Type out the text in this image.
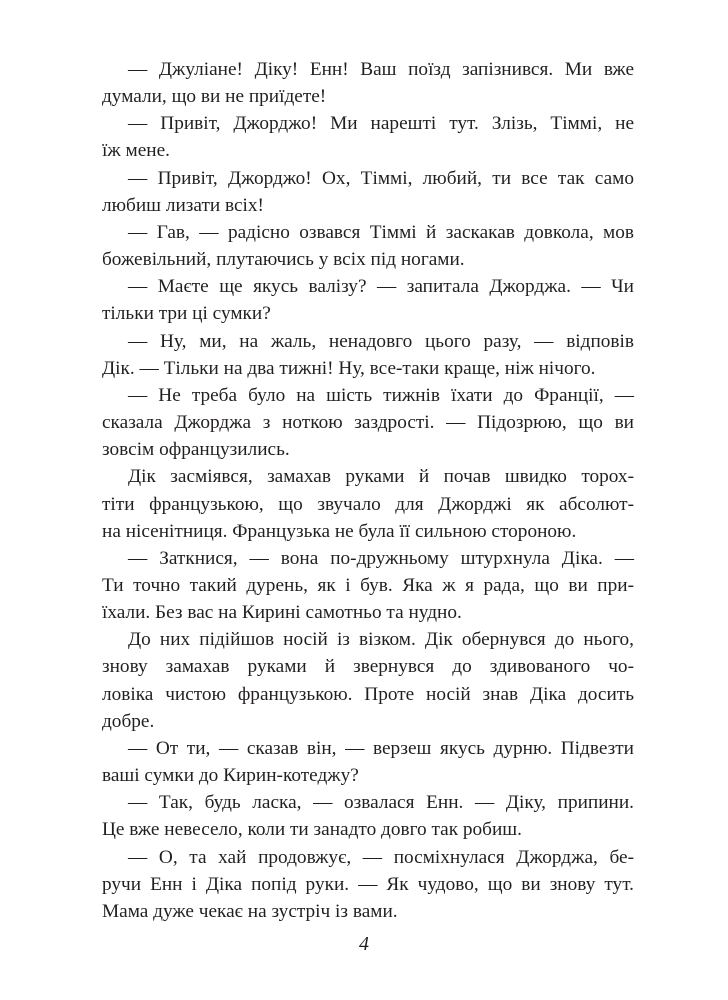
— Джуліане! Діку! Енн! Ваш поїзд запізнився. Ми вже
думали, що ви не приїдете!
— Привіт, Джорджо! Ми нарешті тут. Злізь, Тіммі, не
їж мене.
— Привіт, Джорджо! Ох, Тіммі, любий, ти все так само
любиш лизати всіх!
— Гав, — радісно озвався Тіммі й заскакав довкола, мов
божевільний, плутаючись у всіх під ногами.
— Маєте ще якусь валізу? — запитала Джорджа. — Чи
тільки три ці сумки?
— Ну, ми, на жаль, ненадовго цього разу, — відповів
Дік. — Тільки на два тижні! Ну, все-таки краще, ніж нічого.
— Не треба було на шість тижнів їхати до Франції, —
сказала Джорджа з ноткою заздрості. — Підозрюю, що ви
зовсім офранцузились.
Дік засміявся, замахав руками й почав швидко торох-
тіти французькою, що звучало для Джорджі як абсолют-
на нісенітниця. Французька не була її сильною стороною.
— Заткнися, — вона по-дружньому штурхнула Діка. —
Ти точно такий дурень, як і був. Яка ж я рада, що ви при-
їхали. Без вас на Кирині самотньо та нудно.
До них підійшов носій із візком. Дік обернувся до нього,
знову замахав руками й звернувся до здивованого чо-
ловіка чистою французькою. Проте носій знав Діка досить
добре.
— От ти, — сказав він, — верзеш якусь дурню. Підвезти
ваші сумки до Кирин-котеджу?
— Так, будь ласка, — озвалася Енн. — Діку, припини.
Це вже невесело, коли ти занадто довго так робиш.
— О, та хай продовжує, — посміхнулася Джорджа, бе-
ручи Енн і Діка попід руки. — Як чудово, що ви знову тут.
Мама дуже чекає на зустріч із вами.
4
